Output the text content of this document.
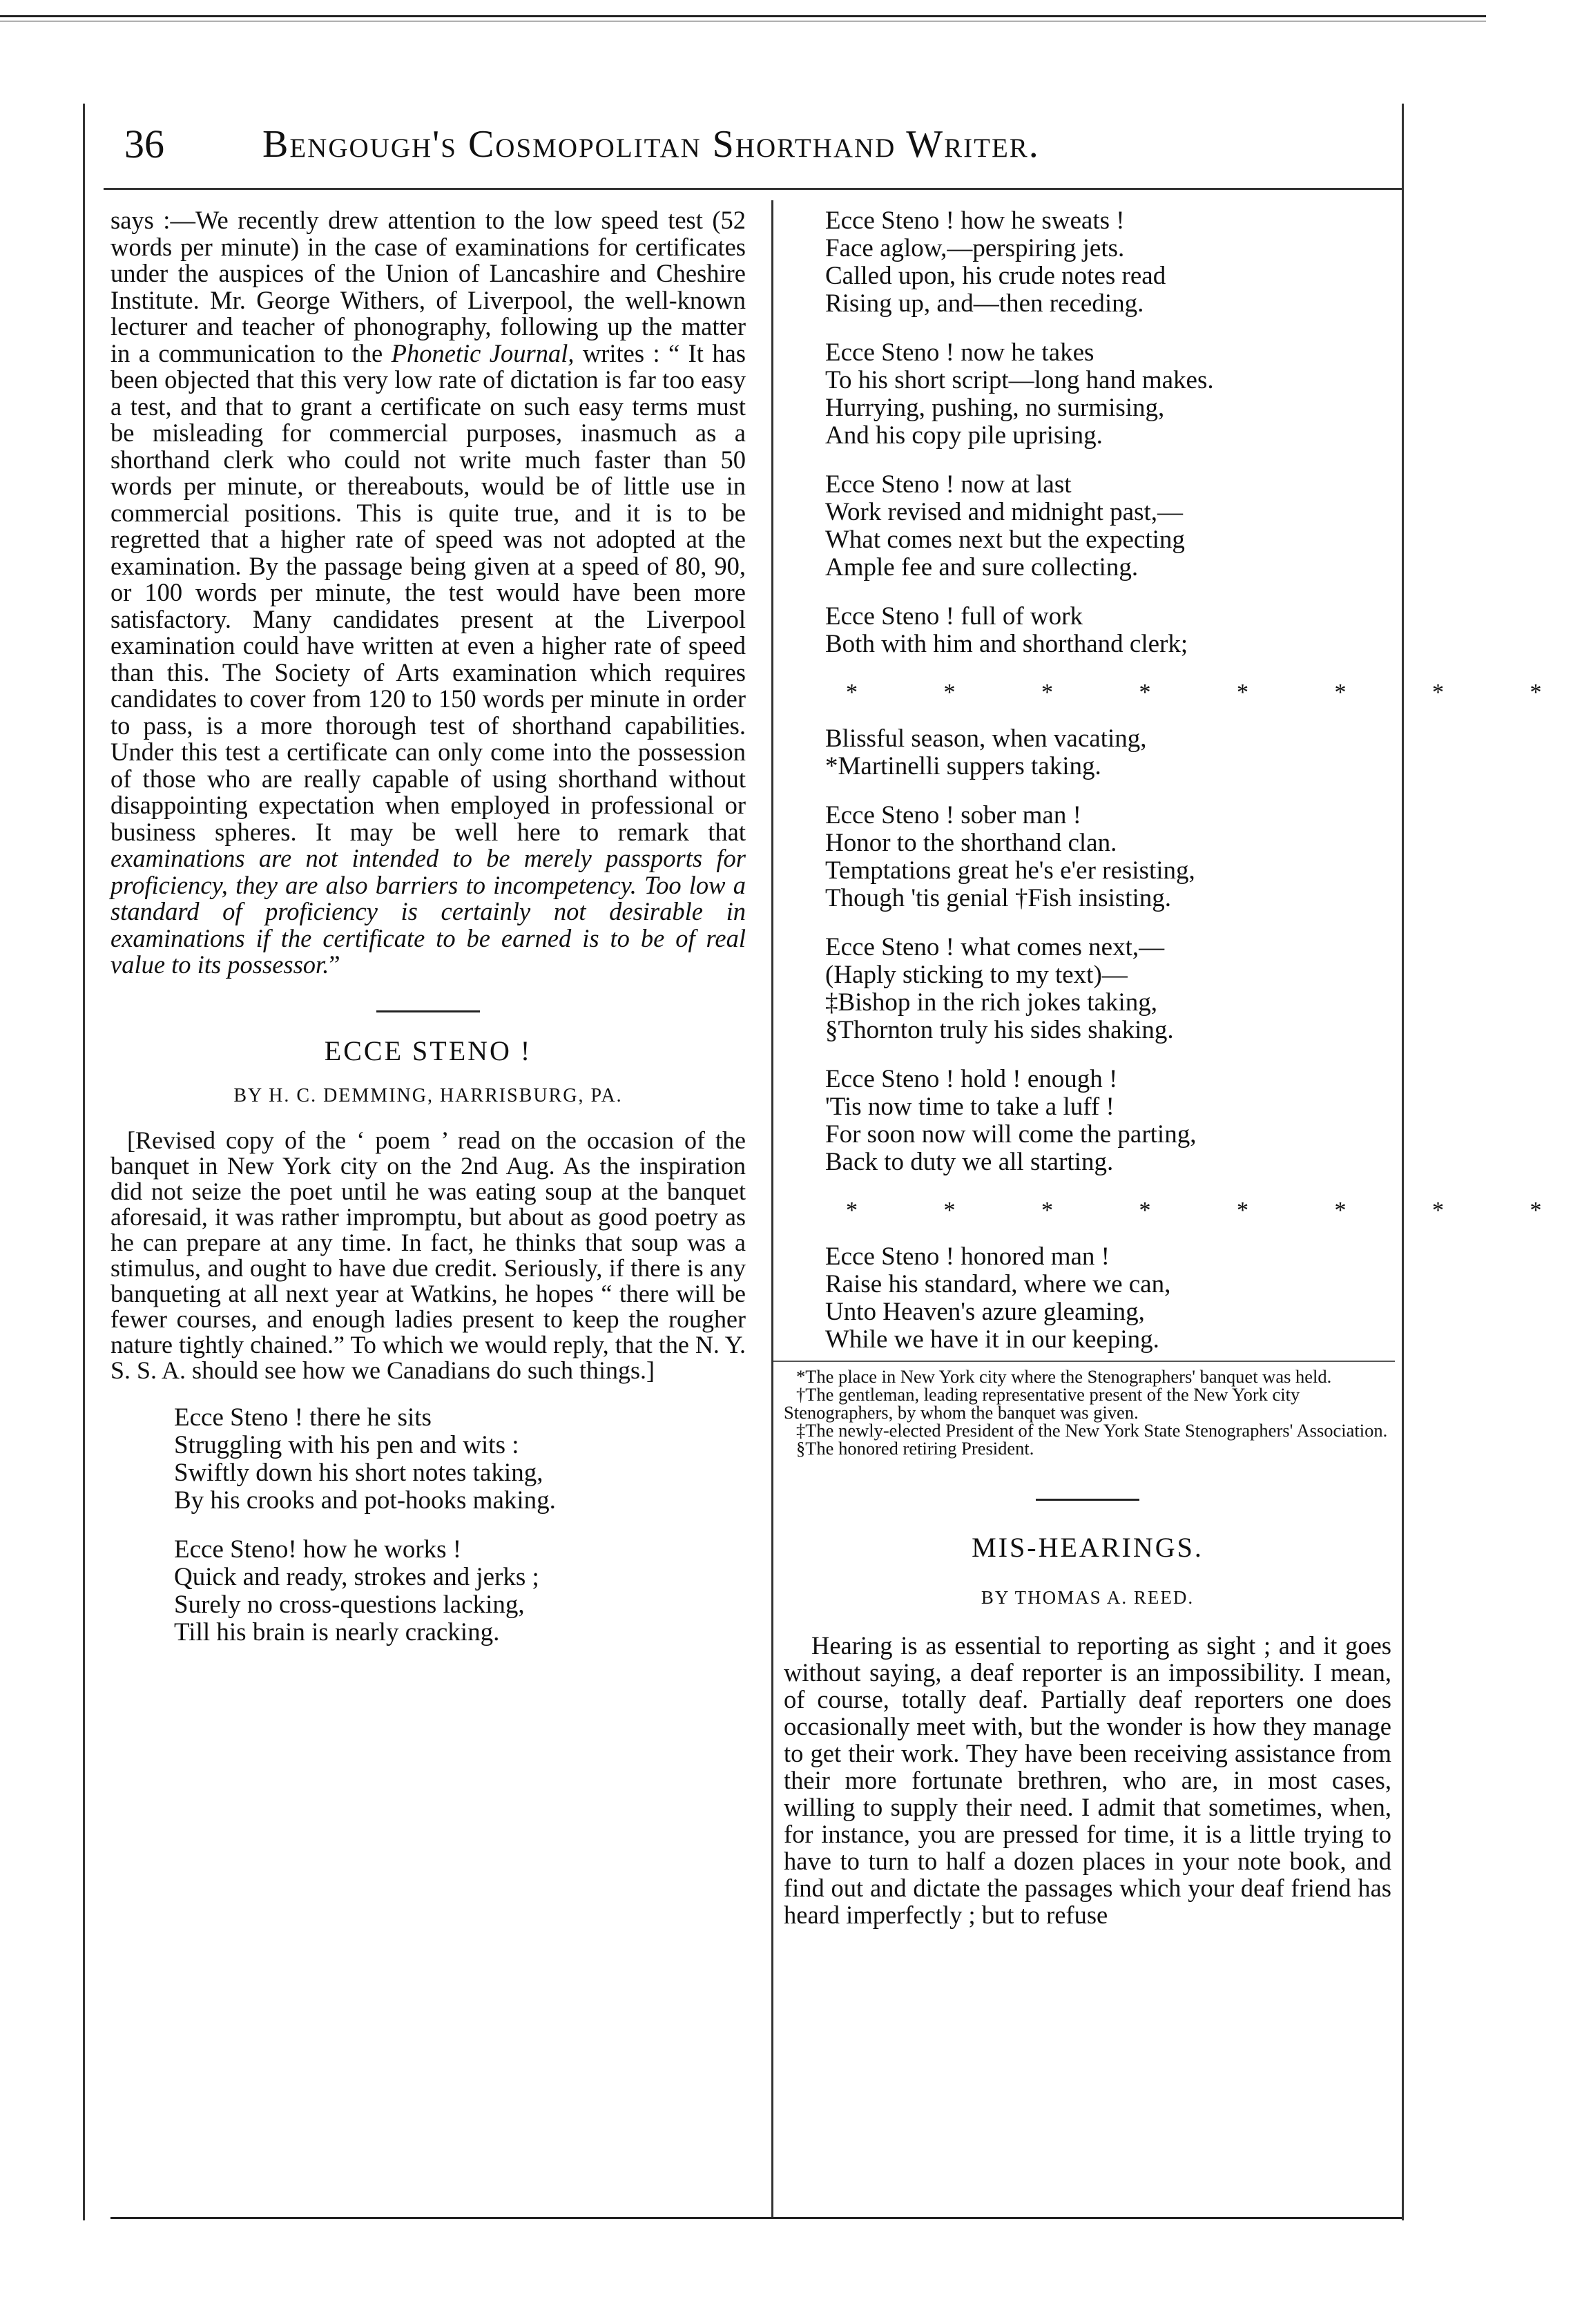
36	Bengough's Cosmopolitan Shorthand Writer.

says :—We recently drew attention to the low speed test (52 words per minute) in the case of examinations for certificates under the auspices of the Union of Lancashire and Cheshire Institute. Mr. George Withers, of Liverpool, the well-known lecturer and teacher of phonography, following up the matter in a communication to the Phonetic Journal, writes : “ It has been objected that this very low rate of dictation is far too easy a test, and that to grant a certificate on such easy terms must be misleading for commercial purposes, inasmuch as a shorthand clerk who could not write much faster than 50 words per minute, or thereabouts, would be of little use in commercial positions. This is quite true, and it is to be regretted that a higher rate of speed was not adopted at the examination. By the passage being given at a speed of 80, 90, or 100 words per minute, the test would have been more satisfactory. Many candidates present at the Liverpool examination could have written at even a higher rate of speed than this. The Society of Arts examination which requires candidates to cover from 120 to 150 words per minute in order to pass, is a more thorough test of shorthand capabilities. Under this test a certificate can only come into the possession of those who are really capable of using shorthand without disappointing expectation when employed in professional or business spheres. It may be well here to remark that examinations are not intended to be merely passports for proficiency, they are also barriers to incompetency. Too low a standard of proficiency is certainly not desirable in examinations if the certificate to be earned is to be of real value to its possessor.”

ECCE STENO !
BY H. C. DEMMING, HARRISBURG, PA.

[Revised copy of the ‘ poem ’ read on the occasion of the banquet in New York city on the 2nd Aug. As the inspiration did not seize the poet until he was eating soup at the banquet aforesaid, it was rather impromptu, but about as good poetry as he can prepare at any time. In fact, he thinks that soup was a stimulus, and ought to have due credit. Seriously, if there is any banqueting at all next year at Watkins, he hopes “ there will be fewer courses, and enough ladies present to keep the rougher nature tightly chained.” To which we would reply, that the N. Y. S. S. A. should see how we Canadians do such things.]

Ecce Steno ! there he sits
Struggling with his pen and wits :
Swiftly down his short notes taking,
By his crooks and pot-hooks making.
Ecce Steno! how he works !
Quick and ready, strokes and jerks ;
Surely no cross-questions lacking,
Till his brain is nearly cracking.
Ecce Steno ! how he sweats !
Face aglow,—perspiring jets.
Called upon, his crude notes read
Rising up, and—then receding.
Ecce Steno ! now he takes
To his short script—long hand makes.
Hurrying, pushing, no surmising,
And his copy pile uprising.
Ecce Steno ! now at last
Work revised and midnight past,—
What comes next but the expecting
Ample fee and sure collecting.
Ecce Steno ! full of work
Both with him and shorthand clerk;
* * * * * * * *
Blissful season, when vacating,
*Martinelli suppers taking.
Ecce Steno ! sober man !
Honor to the shorthand clan.
Temptations great he's e'er resisting,
Though 'tis genial †Fish insisting.
Ecce Steno ! what comes next,—
(Haply sticking to my text)—
‡Bishop in the rich jokes taking,
§Thornton truly his sides shaking.
Ecce Steno ! hold ! enough !
'Tis now time to take a luff !
For soon now will come the parting,
Back to duty we all starting.
* * * * * * * *
Ecce Steno ! honored man !
Raise his standard, where we can,
Unto Heaven's azure gleaming,
While we have it in our keeping.

*The place in New York city where the Stenographers' banquet was held.

†The gentleman, leading representative present of the New York city Stenographers, by whom the banquet was given.

‡The newly-elected President of the New York State Stenographers' Association.

§The honored retiring President.

MIS-HEARINGS.
BY THOMAS A. REED.

Hearing is as essential to reporting as sight ; and it goes without saying, a deaf reporter is an impossibility. I mean, of course, totally deaf. Partially deaf reporters one does occasionally meet with, but the wonder is how they manage to get their work. They have been receiving assistance from their more fortunate brethren, who are, in most cases, willing to supply their need. I admit that sometimes, when, for instance, you are pressed for time, it is a little trying to have to turn to half a dozen places in your note book, and find out and dictate the passages which your deaf friend has heard imperfectly ; but to refuse
